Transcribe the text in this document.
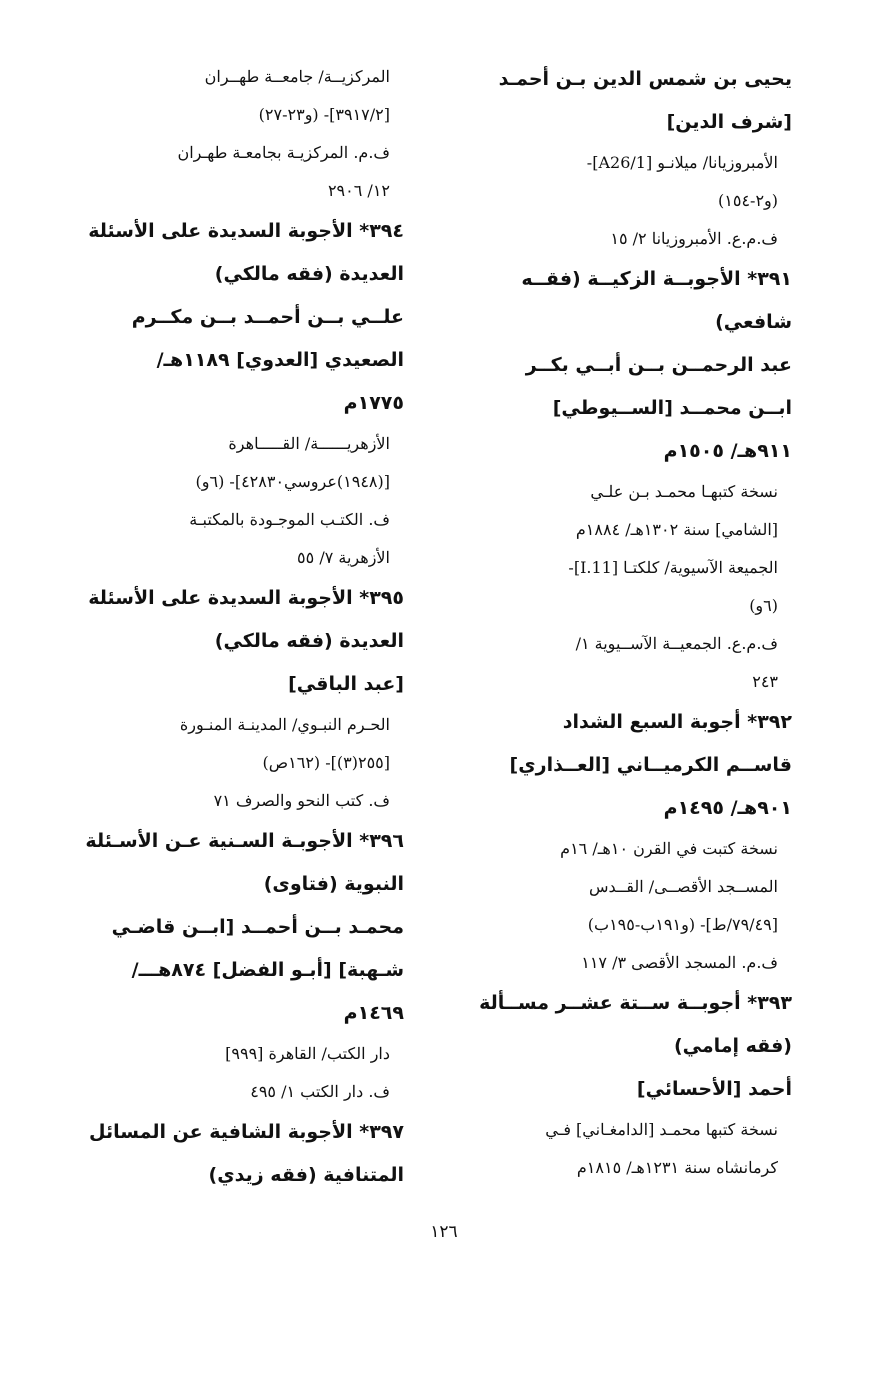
يحيى بن شمس الدين بـن أحمـد
[شرف الدين]
الأمبروزيانا/ ميلانـو [A26/1]-
(و٢-١٥٤)
ف.م.ع. الأمبروزيانا ٢/ ١٥
٣٩١* الأجوبــة الزكيــة (فقــه
شافعي)
عبد الرحمــن بــن أبــي بكــر
ابــن محمــد [الســيوطي]
٩١١هـ/ ١٥٠٥م
نسخة كتبهـا محمـد بـن علـي
[الشامي] سنة ١٣٠٢هـ/ ١٨٨٤م
الجميعة الآسيوية/ كلكتـا [I.11]-
(٦و)
ف.م.ع. الجمعيــة الآســيوية ١/
٢٤٣
٣٩٢* أجوبة السبع الشداد
قاســم الكرميــاني [العــذاري]
٩٠١هـ/ ١٤٩٥م
نسخة كتبت في القرن ١٠هـ/ ١٦م
المســجد الأقصــى/ القــدس
[٧٩/٤٩/ط]- (و١٩١ب-١٩٥ب)
ف.م. المسجد الأقصى ٣/ ١١٧
٣٩٣* أجوبــة ســتة عشــر مســألة
(فقه إمامي)
أحمد [الأحسائي]
نسخة كتبها محمـد [الدامغـاني] فـي
كرمانشاه سنة ١٢٣١هـ/ ١٨١٥م
المركزيــة/ جامعــة طهــران
[٣٩١٧/٢]- (و٢٣-٢٧)
ف.م. المركزيـة بجامعـة طهـران
١٢/ ٢٩٠٦
٣٩٤* الأجوبة السديدة على الأسئلة
العديدة (فقه مالكي)
علــي بــن أحمــد بــن مكــرم
الصعيدي [العدوي] ١١٨٩هـ/
١٧٧٥م
الأزهريــــــة/ القـــــاهرة
[(١٩٤٨)عروسي٤٢٨٣٠]- (٦و)
ف. الكتـب الموجـودة بالمكتبـة
الأزهرية ٧/ ٥٥
٣٩٥* الأجوبة السديدة على الأسئلة
العديدة (فقه مالكي)
[عبد الباقي]
الحـرم النبـوي/ المدينـة المنـورة
[٢٥٥(٣)]- (١٦٢ص)
ف. كتب النحو والصرف ٧١
٣٩٦* الأجوبـة السـنية عـن الأسـئلة
النبوية (فتاوى)
محمـد بــن أحمــد [ابــن قاضـي
شـهبة] [أبـو الفضل] ٨٧٤هـــ/
١٤٦٩م
دار الكتب/ القاهرة [٩٩٩]
ف. دار الكتب ١/ ٤٩٥
٣٩٧* الأجوبة الشافية عن المسائل
المتنافية (فقه زيدي)
١٢٦
